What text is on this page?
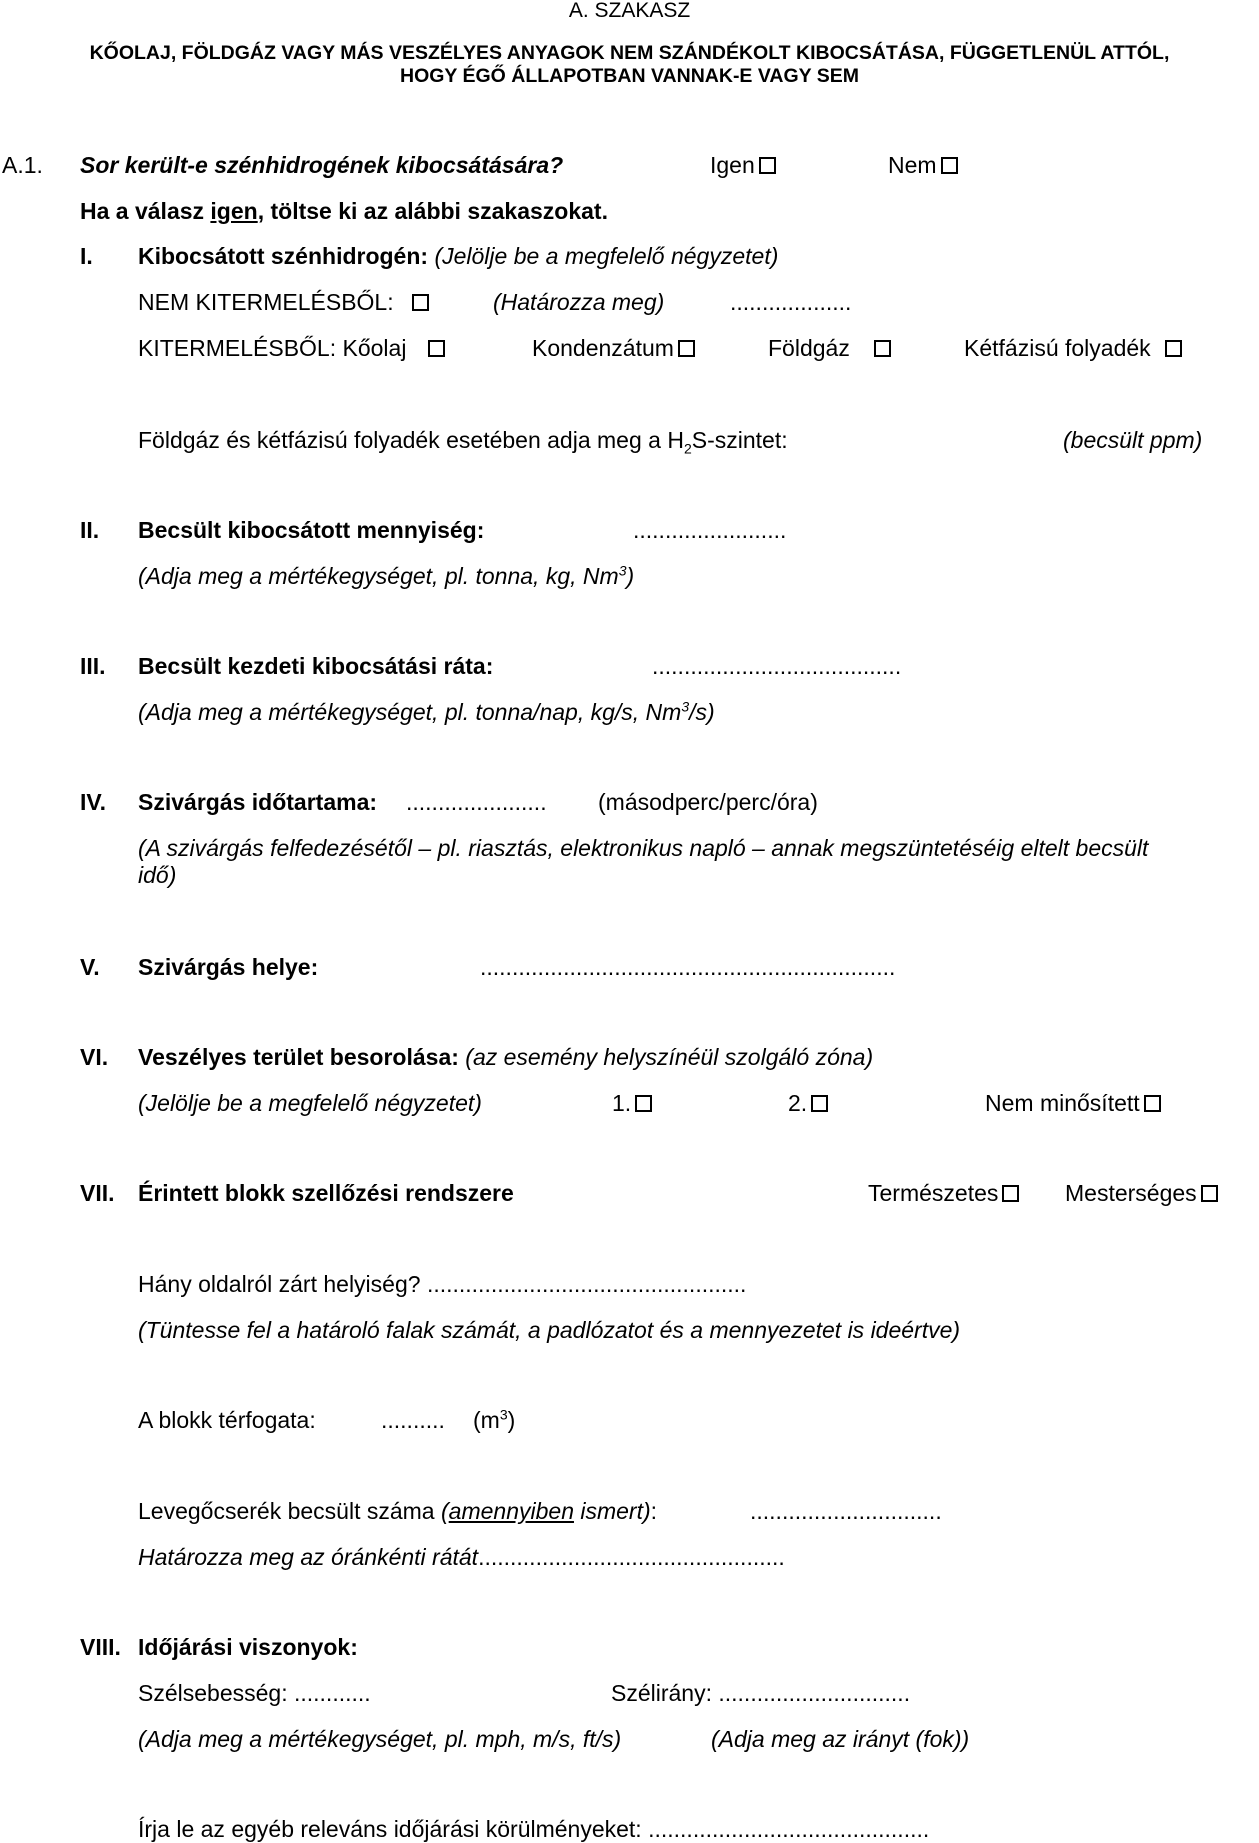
A. SZAKASZ
KŐOLAJ, FÖLDGÁZ VAGY MÁS VESZÉLYES ANYAGOK NEM SZÁNDÉKOLT KIBOCSÁTÁSA, FÜGGETLENÜL ATTÓL,
HOGY ÉGŐ ÁLLAPOTBAN VANNAK-E VAGY SEM
A.1. Sor került-e szénhidrogének kibocsátására?	Igen	Nem
Ha a válasz igen, töltse ki az alábbi szakaszokat.
I. Kibocsátott szénhidrogén: (Jelölje be a megfelelő négyzetet)
NEM KITERMELÉSBŐL:	(Határozza meg)	...................
KITERMELÉSBŐL: Kőolaj	Kondenzátum	Földgáz	Kétfázisú folyadék
Földgáz és kétfázisú folyadék esetében adja meg a $H_2S$-szintet:	(becsült ppm)
II. Becsült kibocsátott mennyiség:	........................
(Adja meg a mértékegységet, pl. tonna, kg, Nm$^3$)
III. Becsült kezdeti kibocsátási ráta:	.......................................
(Adja meg a mértékegységet, pl. tonna/nap, kg/s, Nm$^3$/s)
IV. Szivárgás időtartama: ...................... (másodperc/perc/óra)
(A szivárgás felfedezésétől – pl. riasztás, elektronikus napló – annak megszüntetéséig eltelt becsült
idő)
V. Szivárgás helye:	.................................................................
VI. Veszélyes terület besorolása: (az esemény helyszínéül szolgáló zóna)
(Jelölje be a megfelelő négyzetet)	1.	2.	Nem minősített
VII. Érintett blokk szellőzési rendszere	Természetes	Mesterséges
Hány oldalról zárt helyiség? ..................................................
(Tüntesse fel a határoló falak számát, a padlózatot és a mennyezetet is ideértve)
A blokk térfogata:	.......... $(m^3)$
Levegőcserék becsült száma (amennyiben ismert):	..............................
Határozza meg az óránkénti rátát................................................
VIII. Időjárási viszonyok:
Szélsebesség: ............	Szélirány: ..............................
(Adja meg a mértékegységet, pl. mph, m/s, ft/s)	(Adja meg az irányt (fok))
Írja le az egyéb releváns időjárási körülményeket: ............................................
